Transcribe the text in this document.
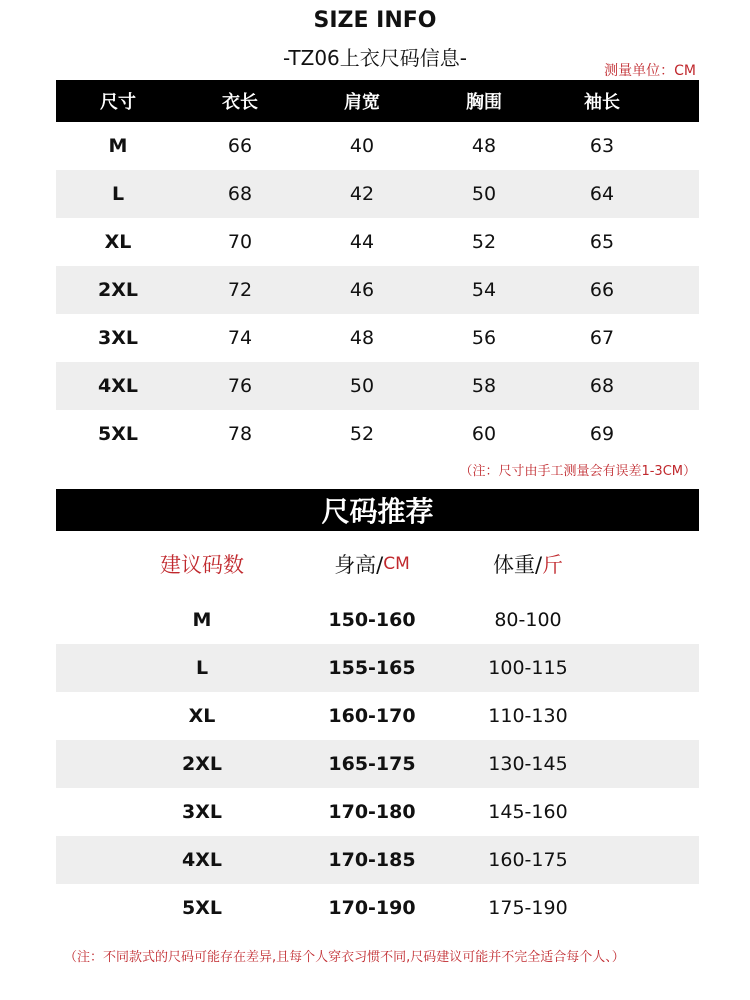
SIZE INFO
-TZ06上衣尺码信息-
测量单位：CM
尺寸	衣长	肩宽	胸围	袖长
M	66	40	48	63
L	68	42	50	64
XL	70	44	52	65
2XL	72	46	54	66
3XL	74	48	56	67
4XL	76	50	58	68
5XL	78	52	60	69
（注：尺寸由手工测量会有误差1-3CM）
尺码推荐
建议码数	身高/ CM	体重/ 斤
M	150-160	80-100
L	155-165	100-115
XL	160-170	110-130
2XL	165-175	130-145
3XL	170-180	145-160
4XL	170-185	160-175
5XL	170-190	175-190
（注：不同款式的尺码可能存在差异,且每个人穿衣习惯不同,尺码建议可能并不完全适合每个人、）
